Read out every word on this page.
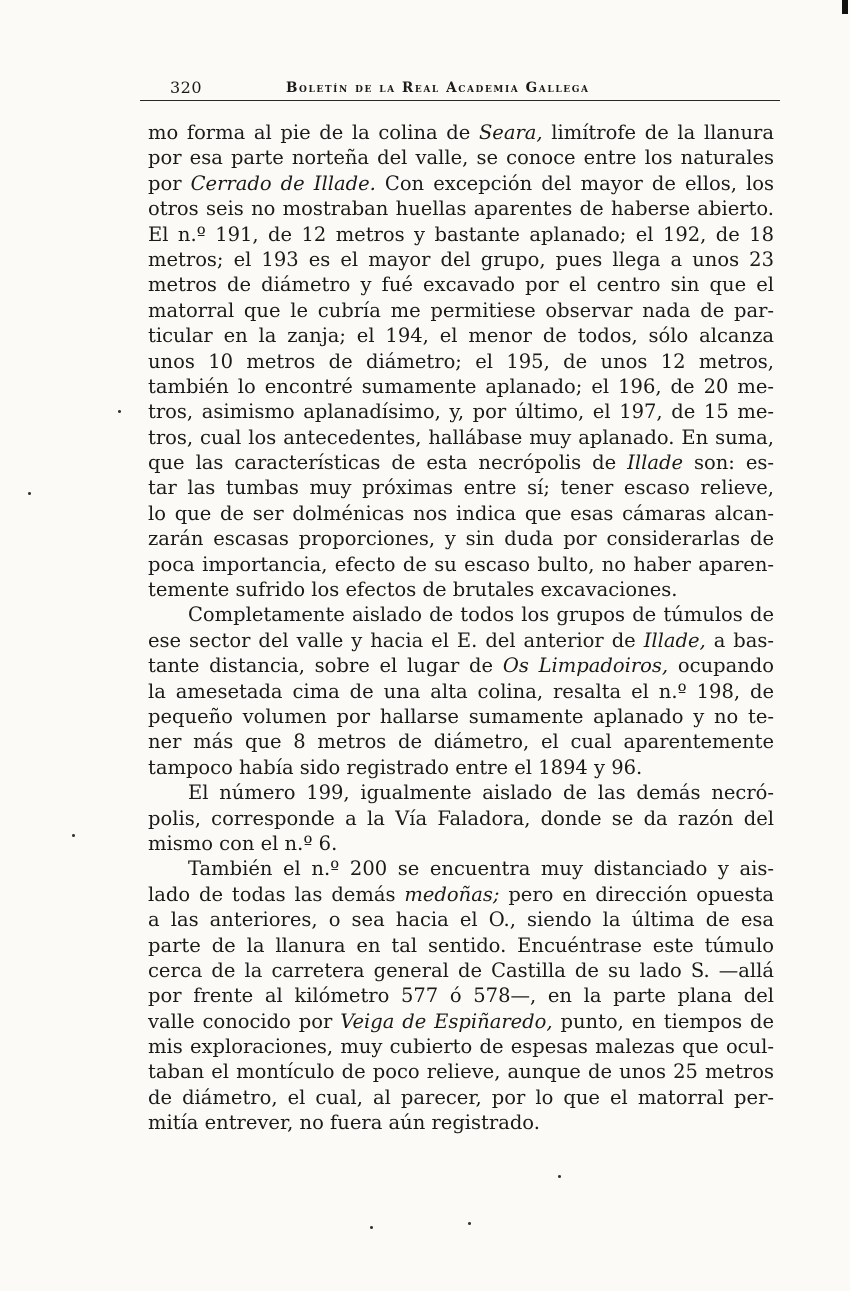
320	Boletín de la Real Academia Gallega
mo forma al pie de la colina de Seara, limítrofe de la llanura
por esa parte norteña del valle, se conoce entre los naturales
por Cerrado de Illade. Con excepción del mayor de ellos, los
otros seis no mostraban huellas aparentes de haberse abierto.
El n.º 191, de 12 metros y bastante aplanado; el 192, de 18
metros; el 193 es el mayor del grupo, pues llega a unos 23
metros de diámetro y fué excavado por el centro sin que el
matorral que le cubría me permitiese observar nada de par-
ticular en la zanja; el 194, el menor de todos, sólo alcanza
unos 10 metros de diámetro; el 195, de unos 12 metros,
también lo encontré sumamente aplanado; el 196, de 20 me-
tros, asimismo aplanadísimo, y, por último, el 197, de 15 me-
tros, cual los antecedentes, hallábase muy aplanado. En suma,
que las características de esta necrópolis de Illade son: es-
tar las tumbas muy próximas entre sí; tener escaso relieve,
lo que de ser dolménicas nos indica que esas cámaras alcan-
zarán escasas proporciones, y sin duda por considerarlas de
poca importancia, efecto de su escaso bulto, no haber aparen-
temente sufrido los efectos de brutales excavaciones.
Completamente aislado de todos los grupos de túmulos de
ese sector del valle y hacia el E. del anterior de Illade, a bas-
tante distancia, sobre el lugar de Os Limpadoiros, ocupando
la amesetada cima de una alta colina, resalta el n.º 198, de
pequeño volumen por hallarse sumamente aplanado y no te-
ner más que 8 metros de diámetro, el cual aparentemente
tampoco había sido registrado entre el 1894 y 96.
El número 199, igualmente aislado de las demás necró-
polis, corresponde a la Vía Faladora, donde se da razón del
mismo con el n.º 6.
También el n.º 200 se encuentra muy distanciado y ais-
lado de todas las demás medoñas; pero en dirección opuesta
a las anteriores, o sea hacia el O., siendo la última de esa
parte de la llanura en tal sentido. Encuéntrase este túmulo
cerca de la carretera general de Castilla de su lado S. —allá
por frente al kilómetro 577 ó 578—, en la parte plana del
valle conocido por Veiga de Espiñaredo, punto, en tiempos de
mis exploraciones, muy cubierto de espesas malezas que ocul-
taban el montículo de poco relieve, aunque de unos 25 metros
de diámetro, el cual, al parecer, por lo que el matorral per-
mitía entrever, no fuera aún registrado.
